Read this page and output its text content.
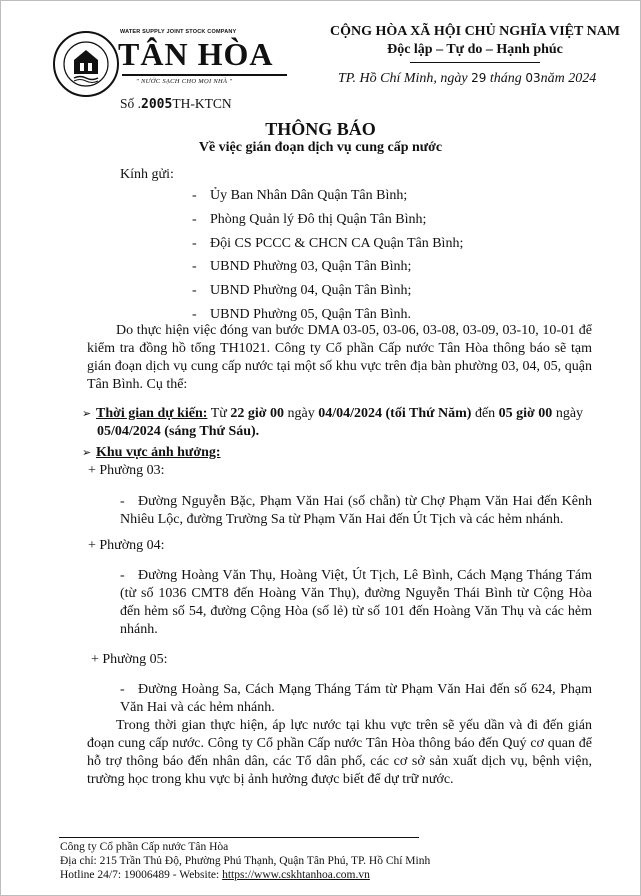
WATER SUPPLY JOINT STOCK COMPANY
TÂN HÒA
" NƯỚC SẠCH CHO MỌI NHÀ "
CỘNG HÒA XÃ HỘI CHỦ NGHĨA VIỆT NAM
Độc lập – Tự do – Hạnh phúc
Số .2005TH-KTCN
TP. Hồ Chí Minh, ngày 29 tháng 03năm 2024
THÔNG BÁO
Về việc gián đoạn dịch vụ cung cấp nước
Kính gửi:
- Ủy Ban Nhân Dân Quận Tân Bình;
- Phòng Quản lý Đô thị Quận Tân Bình;
- Đội CS PCCC & CHCN CA Quận Tân Bình;
- UBND Phường 03, Quận Tân Bình;
- UBND Phường 04, Quận Tân Bình;
- UBND Phường 05, Quận Tân Bình.

Do thực hiện việc đóng van bước DMA 03-05, 03-06, 03-08, 03-09, 03-10, 10-01 để kiểm tra đồng hồ tổng TH1021. Công ty Cổ phần Cấp nước Tân Hòa thông báo sẽ tạm gián đoạn dịch vụ cung cấp nước tại một số khu vực trên địa bàn phường 03, 04, 05, quận Tân Bình. Cụ thể:

➢ Thời gian dự kiến: Từ 22 giờ 00 ngày 04/04/2024 (tối Thứ Năm) đến 05 giờ 00 ngày
05/04/2024 (sáng Thứ Sáu).
➢ Khu vực ảnh hưởng:
+ Phường 03:

- Đường Nguyễn Bặc, Phạm Văn Hai (số chẵn) từ Chợ Phạm Văn Hai đến Kênh Nhiêu Lộc, đường Trường Sa từ Phạm Văn Hai đến Út Tịch và các hẻm nhánh.

+ Phường 04:

- Đường Hoàng Văn Thụ, Hoàng Việt, Út Tịch, Lê Bình, Cách Mạng Tháng Tám (từ số 1036 CMT8 đến Hoàng Văn Thụ), đường Nguyễn Thái Bình từ Cộng Hòa đến hẻm số 54, đường Cộng Hòa (số lẻ) từ số 101 đến Hoàng Văn Thụ và các hẻm nhánh.

+ Phường 05:

- Đường Hoàng Sa, Cách Mạng Tháng Tám từ Phạm Văn Hai đến số 624, Phạm Văn Hai và các hẻm nhánh.

Trong thời gian thực hiện, áp lực nước tại khu vực trên sẽ yếu dần và đi đến gián đoạn cung cấp nước. Công ty Cổ phần Cấp nước Tân Hòa thông báo đến Quý cơ quan để hỗ trợ thông báo đến nhân dân, các Tổ dân phố, các cơ sở sản xuất dịch vụ, bệnh viện, trường học trong khu vực bị ảnh hưởng được biết để dự trữ nước.

Công ty Cổ phần Cấp nước Tân Hòa
Địa chỉ: 215 Trần Thủ Độ, Phường Phú Thạnh, Quận Tân Phú, TP. Hồ Chí Minh
Hotline 24/7: 19006489 - Website: https://www.cskhtanhoa.com.vn
